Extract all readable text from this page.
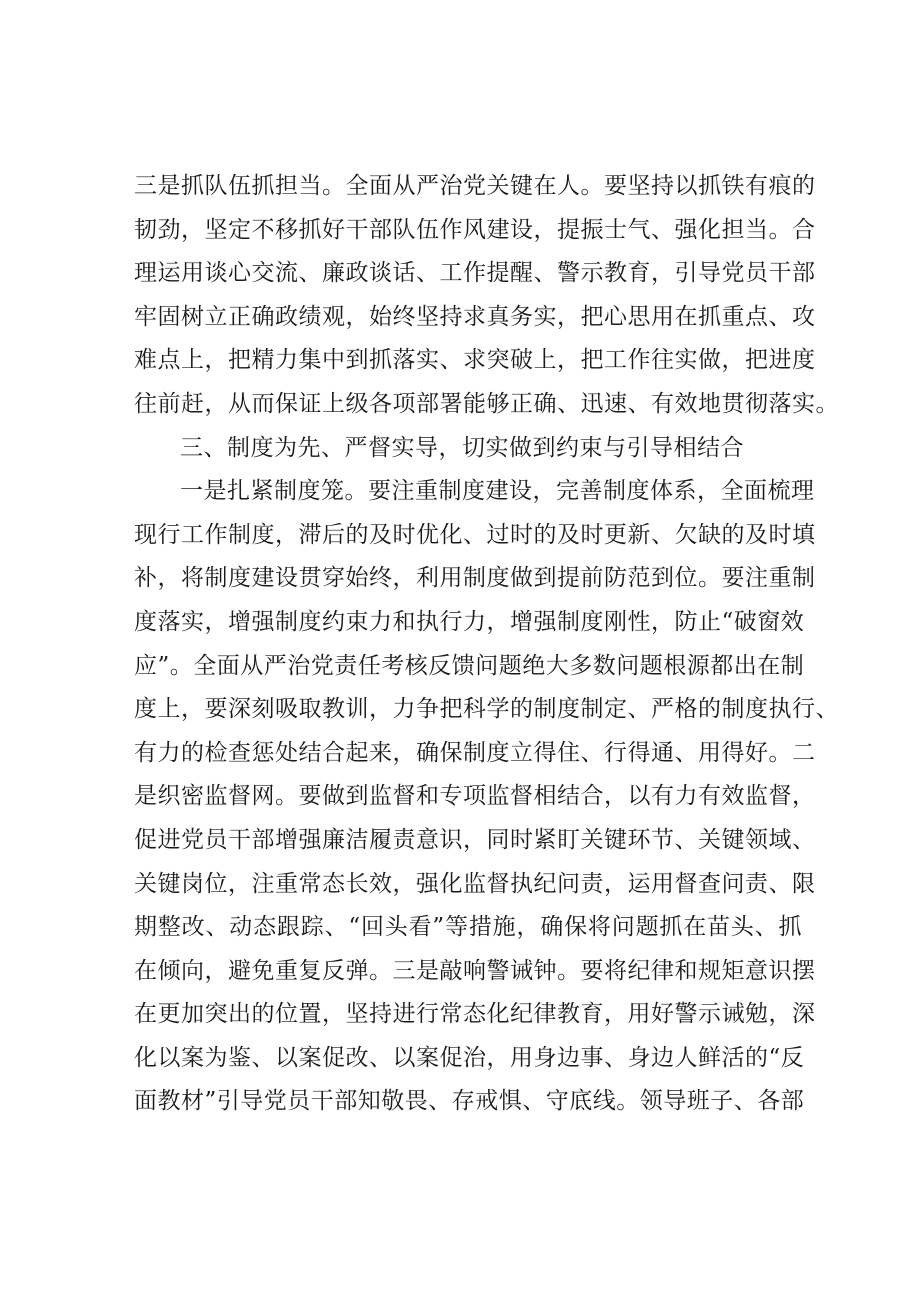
三是抓队伍抓担当。全面从严治党关键在人。要坚持以抓铁有痕的
韧劲，坚定不移抓好干部队伍作风建设，提振士气、强化担当。合
理运用谈心交流、廉政谈话、工作提醒、警示教育，引导党员干部
牢固树立正确政绩观，始终坚持求真务实，把心思用在抓重点、攻
难点上，把精力集中到抓落实、求突破上，把工作往实做，把进度
往前赶，从而保证上级各项部署能够正确、迅速、有效地贯彻落实。
三、制度为先、严督实导，切实做到约束与引导相结合
一是扎紧制度笼。要注重制度建设，完善制度体系，全面梳理
现行工作制度，滞后的及时优化、过时的及时更新、欠缺的及时填
补，将制度建设贯穿始终，利用制度做到提前防范到位。要注重制
度落实，增强制度约束力和执行力，增强制度刚性，防止“破窗效
应”。全面从严治党责任考核反馈问题绝大多数问题根源都出在制
度上，要深刻吸取教训，力争把科学的制度制定、严格的制度执行、
有力的检查惩处结合起来，确保制度立得住、行得通、用得好。二
是织密监督网。要做到监督和专项监督相结合，以有力有效监督，
促进党员干部增强廉洁履责意识，同时紧盯关键环节、关键领域、
关键岗位，注重常态长效，强化监督执纪问责，运用督查问责、限
期整改、动态跟踪、“回头看”等措施，确保将问题抓在苗头、抓
在倾向，避免重复反弹。三是敲响警诫钟。要将纪律和规矩意识摆
在更加突出的位置，坚持进行常态化纪律教育，用好警示诫勉，深
化以案为鉴、以案促改、以案促治，用身边事、身边人鲜活的“反
面教材”引导党员干部知敬畏、存戒惧、守底线。领导班子、各部
